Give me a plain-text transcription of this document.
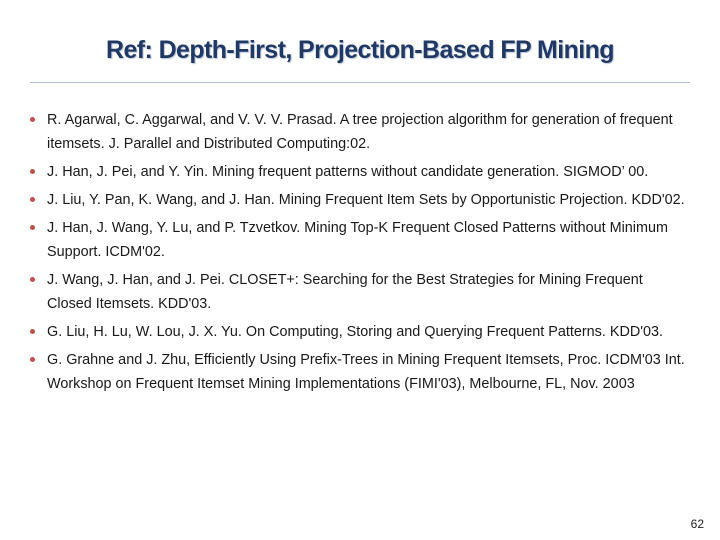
Ref: Depth-First, Projection-Based FP Mining
R. Agarwal, C. Aggarwal, and V. V. V. Prasad. A tree projection algorithm for generation of frequent itemsets. J. Parallel and Distributed Computing:02.
J. Han, J. Pei, and Y. Yin. Mining frequent patterns without candidate generation. SIGMOD’ 00.
J. Liu, Y. Pan, K. Wang, and J. Han. Mining Frequent Item Sets by Opportunistic Projection. KDD'02.
J. Han, J. Wang, Y. Lu, and P. Tzvetkov. Mining Top-K Frequent Closed Patterns without Minimum Support. ICDM'02.
J. Wang, J. Han, and J. Pei. CLOSET+: Searching for the Best Strategies for Mining Frequent Closed Itemsets. KDD'03.
G. Liu, H. Lu, W. Lou, J. X. Yu. On Computing, Storing and Querying Frequent Patterns. KDD'03.
G. Grahne and J. Zhu, Efficiently Using Prefix-Trees in Mining Frequent Itemsets, Proc. ICDM'03 Int. Workshop on Frequent Itemset Mining Implementations (FIMI'03), Melbourne, FL, Nov. 2003
62
